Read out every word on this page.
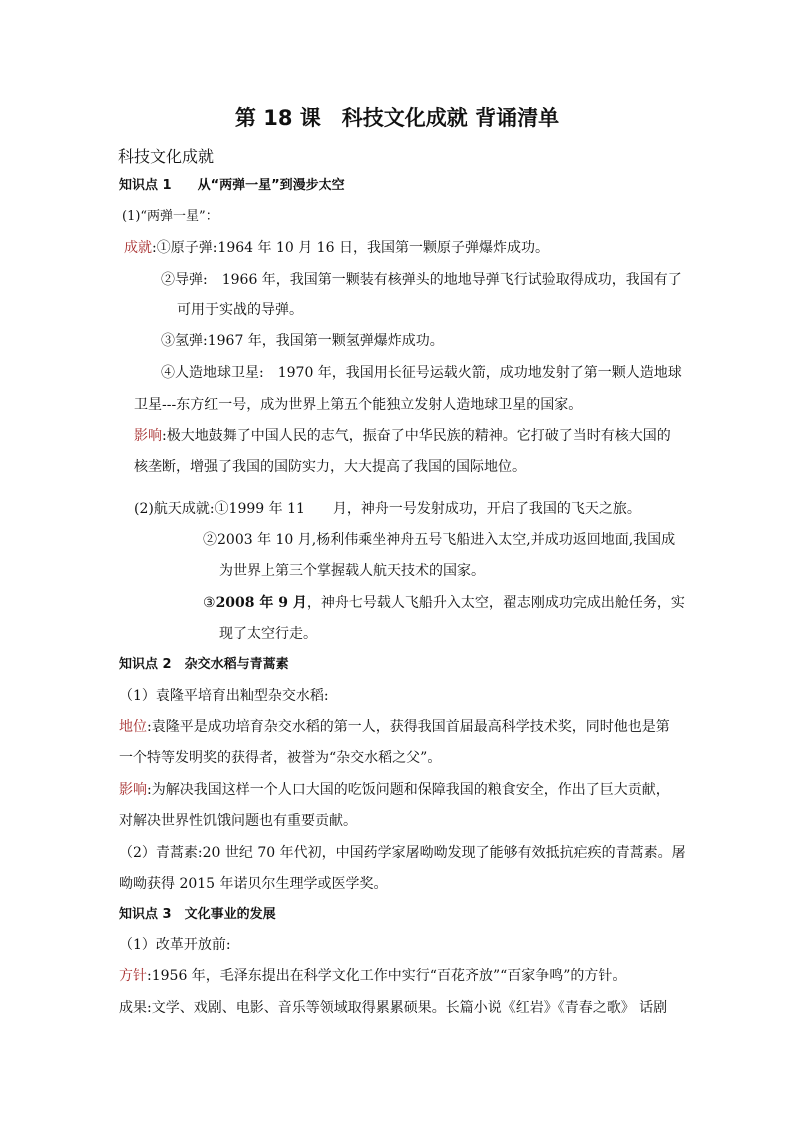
第 18 课　科技文化成就 背诵清单
科技文化成就
知识点 1　　从“两弹一星”到漫步太空
(1)“两弹一星”：
成就:①原子弹:1964 年 10 月 16 日，我国第一颗原子弹爆炸成功。
②导弹:　1966 年，我国第一颗装有核弹头的地地导弹飞行试验取得成功，我国有了
可用于实战的导弹。
③氢弹:1967 年，我国第一颗氢弹爆炸成功。
④人造地球卫星:　1970 年，我国用长征号运载火箭，成功地发射了第一颗人造地球
卫星---东方红一号，成为世界上第五个能独立发射人造地球卫星的国家。
影响:极大地鼓舞了中国人民的志气，振奋了中华民族的精神。它打破了当时有核大国的
核垄断，增强了我国的国防实力，大大提高了我国的国际地位。
(2)航天成就:①1999 年 11　　月，神舟一号发射成功，开启了我国的飞天之旅。
②2003 年 10 月,杨利伟乘坐神舟五号飞船进入太空,并成功返回地面,我国成
为世界上第三个掌握载人航天技术的国家。
③2008 年 9 月，神舟七号载人飞船升入太空，翟志刚成功完成出舱任务，实
现了太空行走。
知识点 2　杂交水稻与青蒿素
（1）袁隆平培育出籼型杂交水稻:
地位:袁隆平是成功培育杂交水稻的第一人，获得我国首届最高科学技术奖，同时他也是第
一个特等发明奖的获得者，被誉为“杂交水稻之父”。
影响:为解决我国这样一个人口大国的吃饭问题和保障我国的粮食安全，作出了巨大贡献，
对解决世界性饥饿问题也有重要贡献。
（2）青蒿素:20 世纪 70 年代初，中国药学家屠呦呦发现了能够有效抵抗疟疾的青蒿素。屠
呦呦获得 2015 年诺贝尔生理学或医学奖。
知识点 3　文化事业的发展
（1）改革开放前:
方针:1956 年，毛泽东提出在科学文化工作中实行“百花齐放”“百家争鸣”的方针。
成果:文学、戏剧、电影、音乐等领域取得累累硕果。长篇小说《红岩》《青春之歌》 话剧
